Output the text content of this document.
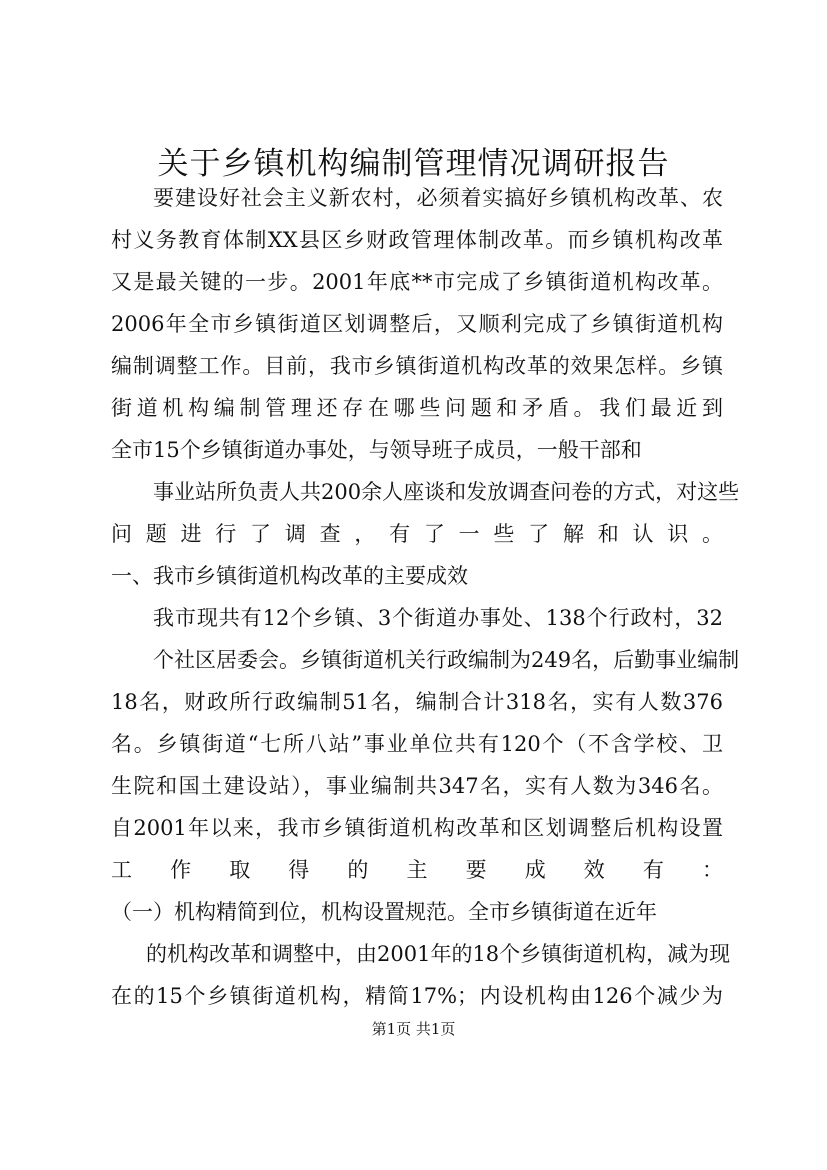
关于乡镇机构编制管理情况调研报告

要建设好社会主义新农村，必须着实搞好乡镇机构改革、农

村义务教育体制XX县区乡财政管理体制改革。而乡镇机构改革

又是最关键的一步。2001年底**市完成了乡镇街道机构改革。

2006年全市乡镇街道区划调整后，又顺利完成了乡镇街道机构

编制调整工作。目前，我市乡镇街道机构改革的效果怎样。乡镇

街道机构编制管理还存在哪些问题和矛盾。我们最近到

全市15个乡镇街道办事处，与领导班子成员，一般干部和

事业站所负责人共200余人座谈和发放调查问卷的方式，对这些

问题进行了调查，有了一些了解和认识。

一、我市乡镇街道机构改革的主要成效

我市现共有12个乡镇、3个街道办事处、138个行政村，32

个社区居委会。乡镇街道机关行政编制为249名，后勤事业编制

18名，财政所行政编制51名，编制合计318名，实有人数376

名。乡镇街道“七所八站”事业单位共有120个（不含学校、卫

生院和国土建设站），事业编制共347名，实有人数为346名。

自2001年以来，我市乡镇街道机构改革和区划调整后机构设置

工作取得的主要成效有：

（一）机构精简到位，机构设置规范。全市乡镇街道在近年

的机构改革和调整中，由2001年的18个乡镇街道机构，减为现

在的15个乡镇街道机构，精简17%；内设机构由126个减少为

第1页 共1页
